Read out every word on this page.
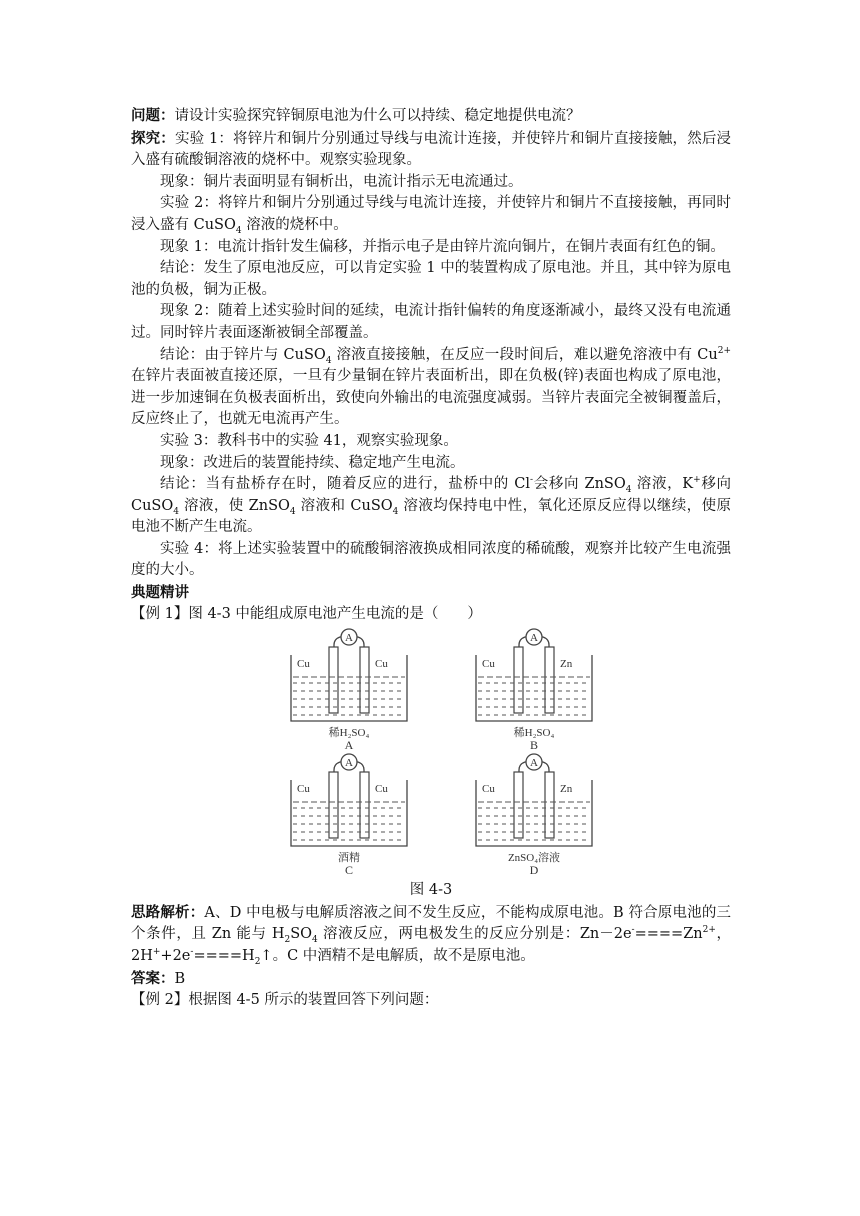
问题：请设计实验探究锌铜原电池为什么可以持续、稳定地提供电流？

探究：实验 1：将锌片和铜片分别通过导线与电流计连接，并使锌片和铜片直接接触，然后浸入盛有硫酸铜溶液的烧杯中。观察实验现象。

现象：铜片表面明显有铜析出，电流计指示无电流通过。

实验 2：将锌片和铜片分别通过导线与电流计连接，并使锌片和铜片不直接接触，再同时浸入盛有 CuSO$_4$ 溶液的烧杯中。

现象 1：电流计指针发生偏移，并指示电子是由锌片流向铜片，在铜片表面有红色的铜。

结论：发生了原电池反应，可以肯定实验 1 中的装置构成了原电池。并且，其中锌为原电池的负极，铜为正极。

现象 2：随着上述实验时间的延续，电流计指针偏转的角度逐渐减小，最终又没有电流通过。同时锌片表面逐渐被铜全部覆盖。

结论：由于锌片与 CuSO$_4$ 溶液直接接触，在反应一段时间后，难以避免溶液中有 $Cu^{2+}$ 在锌片表面被直接还原，一旦有少量铜在锌片表面析出，即在负极(锌)表面也构成了原电池，进一步加速铜在负极表面析出，致使向外输出的电流强度减弱。当锌片表面完全被铜覆盖后，反应终止了，也就无电流再产生。

实验 3：教科书中的实验 41，观察实验现象。

现象：改进后的装置能持续、稳定地产生电流。

结论：当有盐桥存在时，随着反应的进行，盐桥中的 Cl-会移向 ZnSO$_4$ 溶液，K+移向 CuSO$_4$ 溶液，使 ZnSO$_4$ 溶液和 CuSO$_4$ 溶液均保持电中性，氧化还原反应得以继续，使原电池不断产生电流。

实验 4：将上述实验装置中的硫酸铜溶液换成相同浓度的稀硫酸，观察并比较产生电流强度的大小。

典题精讲

【例 1】图 4-3 中能组成原电池产生电流的是（　　）

A
Cu	Cu
稀H₂SO₄
A
A
Cu	Zn
稀H₂SO₄
B
A
Cu	Cu
酒精
C
A
Cu	Zn
ZnSO₄溶液
D

图 4-3

思路解析：A、D 中电极与电解质溶液之间不发生反应，不能构成原电池。B 符合原电池的三个条件，且 Zn 能与 $H_2SO_4$ 溶液反应，两电极发生的反应分别是：$Zn-2e^-====Zn^{2+}$，$2H^++2e^-====H_2↑$。C 中酒精不是电解质，故不是原电池。

答案：B

【例 2】根据图 4-5 所示的装置回答下列问题：
